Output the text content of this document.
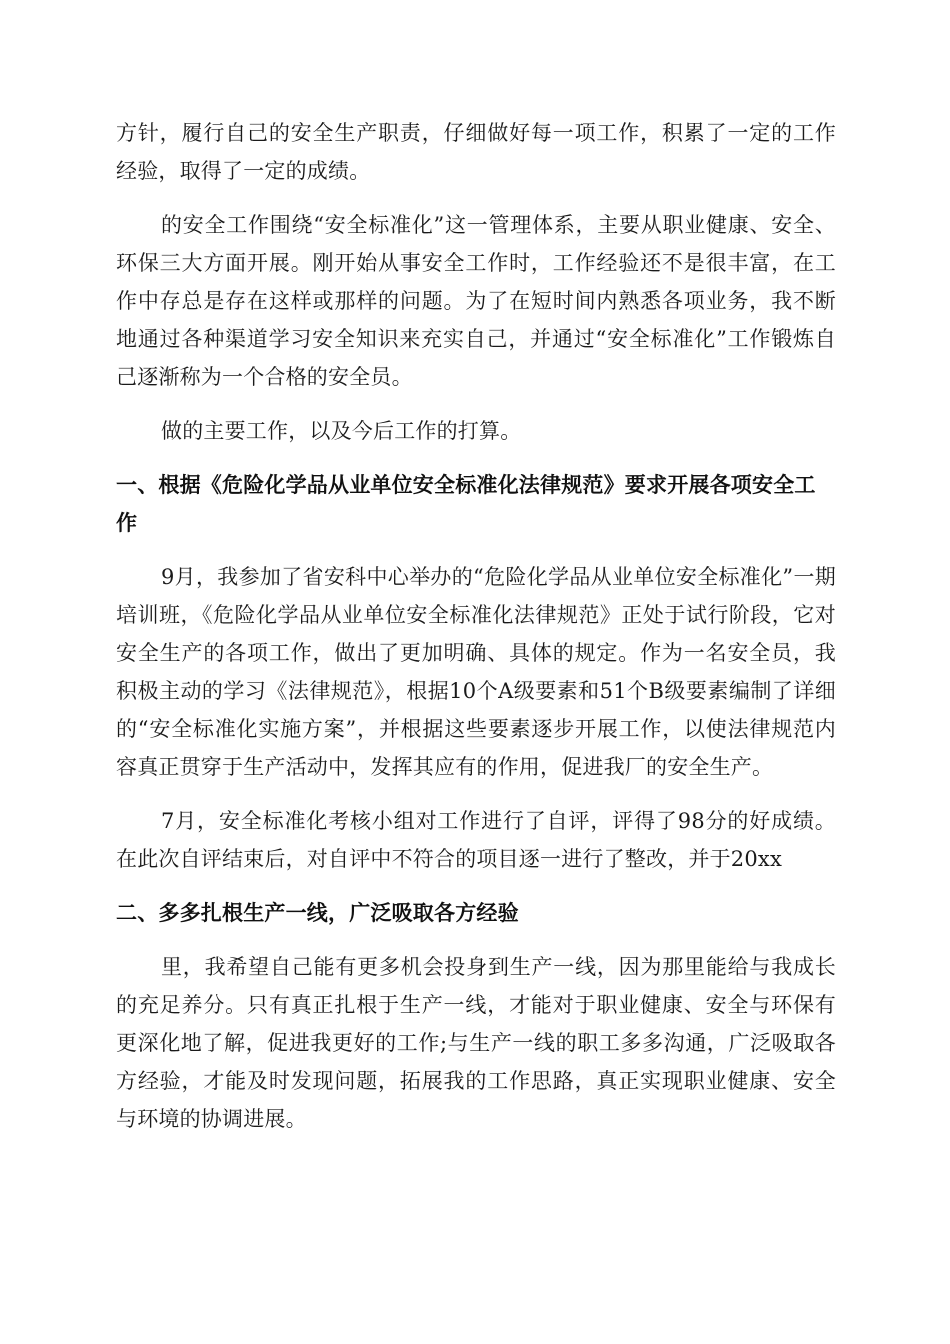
方针，履行自己的安全生产职责，仔细做好每一项工作，积累了一定的工作经验，取得了一定的成绩。

的安全工作围绕“安全标准化”这一管理体系，主要从职业健康、安全、环保三大方面开展。刚开始从事安全工作时，工作经验还不是很丰富，在工作中存总是存在这样或那样的问题。为了在短时间内熟悉各项业务，我不断地通过各种渠道学习安全知识来充实自己，并通过“安全标准化”工作锻炼自己逐渐称为一个合格的安全员。

做的主要工作，以及今后工作的打算。

一、根据《危险化学品从业单位安全标准化法律规范》要求开展各项安全工作

9月，我参加了省安科中心举办的“危险化学品从业单位安全标准化”一期培训班，《危险化学品从业单位安全标准化法律规范》正处于试行阶段，它对安全生产的各项工作，做出了更加明确、具体的规定。作为一名安全员，我积极主动的学习《法律规范》，根据10个A级要素和51个B级要素编制了详细的“安全标准化实施方案”，并根据这些要素逐步开展工作，以使法律规范内容真正贯穿于生产活动中，发挥其应有的作用，促进我厂的安全生产。

7月，安全标准化考核小组对工作进行了自评，评得了98分的好成绩。在此次自评结束后，对自评中不符合的项目逐一进行了整改，并于20xx

二、多多扎根生产一线，广泛吸取各方经验

里，我希望自己能有更多机会投身到生产一线，因为那里能给与我成长的充足养分。只有真正扎根于生产一线，才能对于职业健康、安全与环保有更深化地了解，促进我更好的工作;与生产一线的职工多多沟通，广泛吸取各方经验，才能及时发现问题，拓展我的工作思路，真正实现职业健康、安全与环境的协调进展。
